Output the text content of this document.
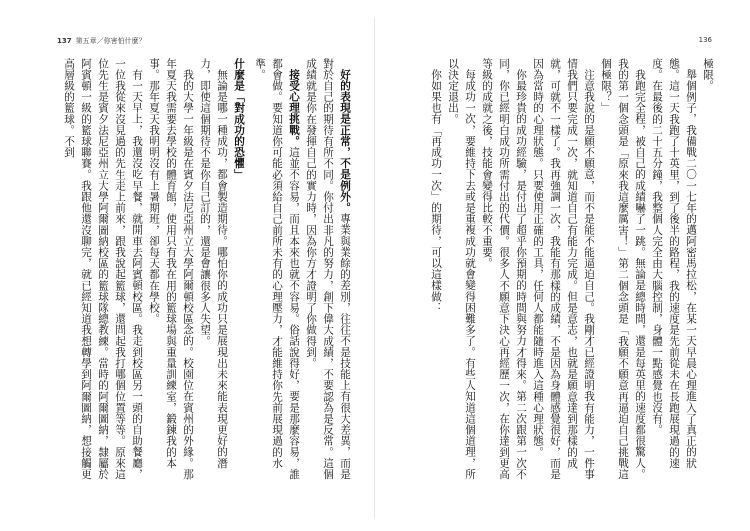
137 第五章／你害怕什麼？

好的表現是正常，不是例外。專業與業餘的差別，往往不是技能上有很大差異，而是對於自己的期待有所不同。你付出非凡的努力，創下偉大成績，不要認為是反常。這個成績就是你在發揮自己的實力時，因為你方才證明了你做得到。

接受心理挑戰。這並不容易，而且本來也就不容易。俗話說得好，要是那麼容易，誰都會做。要知道你可能必須給自己前所未有的心理壓力，才能維持你先前展現過的水準。

什麼是「對成功的恐懼」

無論是哪一種成功，都會製造期待。哪怕你的成功只是展現出未來能表現更好的潛力，即使這個期待不是你自己訂的，還是會讓很多人失望。

我的大學一年級是在賓夕法尼亞州立大學阿爾頓校區念的。校園位在賓州的外緣。那年夏天我需要去學校的體育館，使用只有我在用的籃球場與重量訓練室，鍛鍊我的本事。那年夏天我明明沒有上暑期班，卻每天都在學校。

有一天早上，我還沒吃早餐，就開車去阿賓頓校區。我走到校區另一頭的自助餐廳，一位我從來沒見過的先生走上前來，跟我說起籃球，還問起我打哪個位置等等。原來這位先生是賓夕法尼亞州立大學阿爾圖納校區的籃球隊總教練。當時的阿爾圖納，隸屬於阿賓頓一級的籃球聯賽。我跟他還沒聊完，就已經知道我想轉學到阿爾圖納，想接觸更高層級的籃球。不到

136

極限。

舉個例子，我備戰二〇一七年的邁阿密馬拉松，在某一天早晨心理進入了真正的狀態。這一天我跑了十英里，到了後半的路程，我的速度是先前從未在長跑展現過的速度。在最後的二十五分鐘，我整個人完全由大腦控制，身體一點感覺也沒有。

我跑完全程，被自己的成績嚇了一跳。無論是總時間，還是每英里的速度都很驚人。我的第一個念頭是「原來我這麼厲害！」第二個念頭是「我願不願意再逼迫自己挑戰這個極限？」

注意我說的是願不願意，而不是能不能逼迫自己。我剛才已經證明我有能力，一件事情我們只要完成一次，就知道自己有能力完成。但是意志，也就是願意達到那樣的成就，可就不一樣了。我再強調一次，我能有那樣的成績，不是因為身體感覺很好，而是因為當時的心理狀態。只要使用正確的工具，任何人都能隨時進入這種心理狀態。

你最珍貴的成功經驗，是付出了超乎你預期的時間與努力才得來。第二次跟第一次不同，你已經明白成功所需付出的代價。很多人不願意下決心再經歷一次，在你達到更高等級的成就之後，技能會變得比較不重要。

每成功一次，要維持下去或是重複成功就會變得困難多了。有些人知道這個道理，所以決定退出。

你如果也有「再成功一次」的期待，可以這樣做：
